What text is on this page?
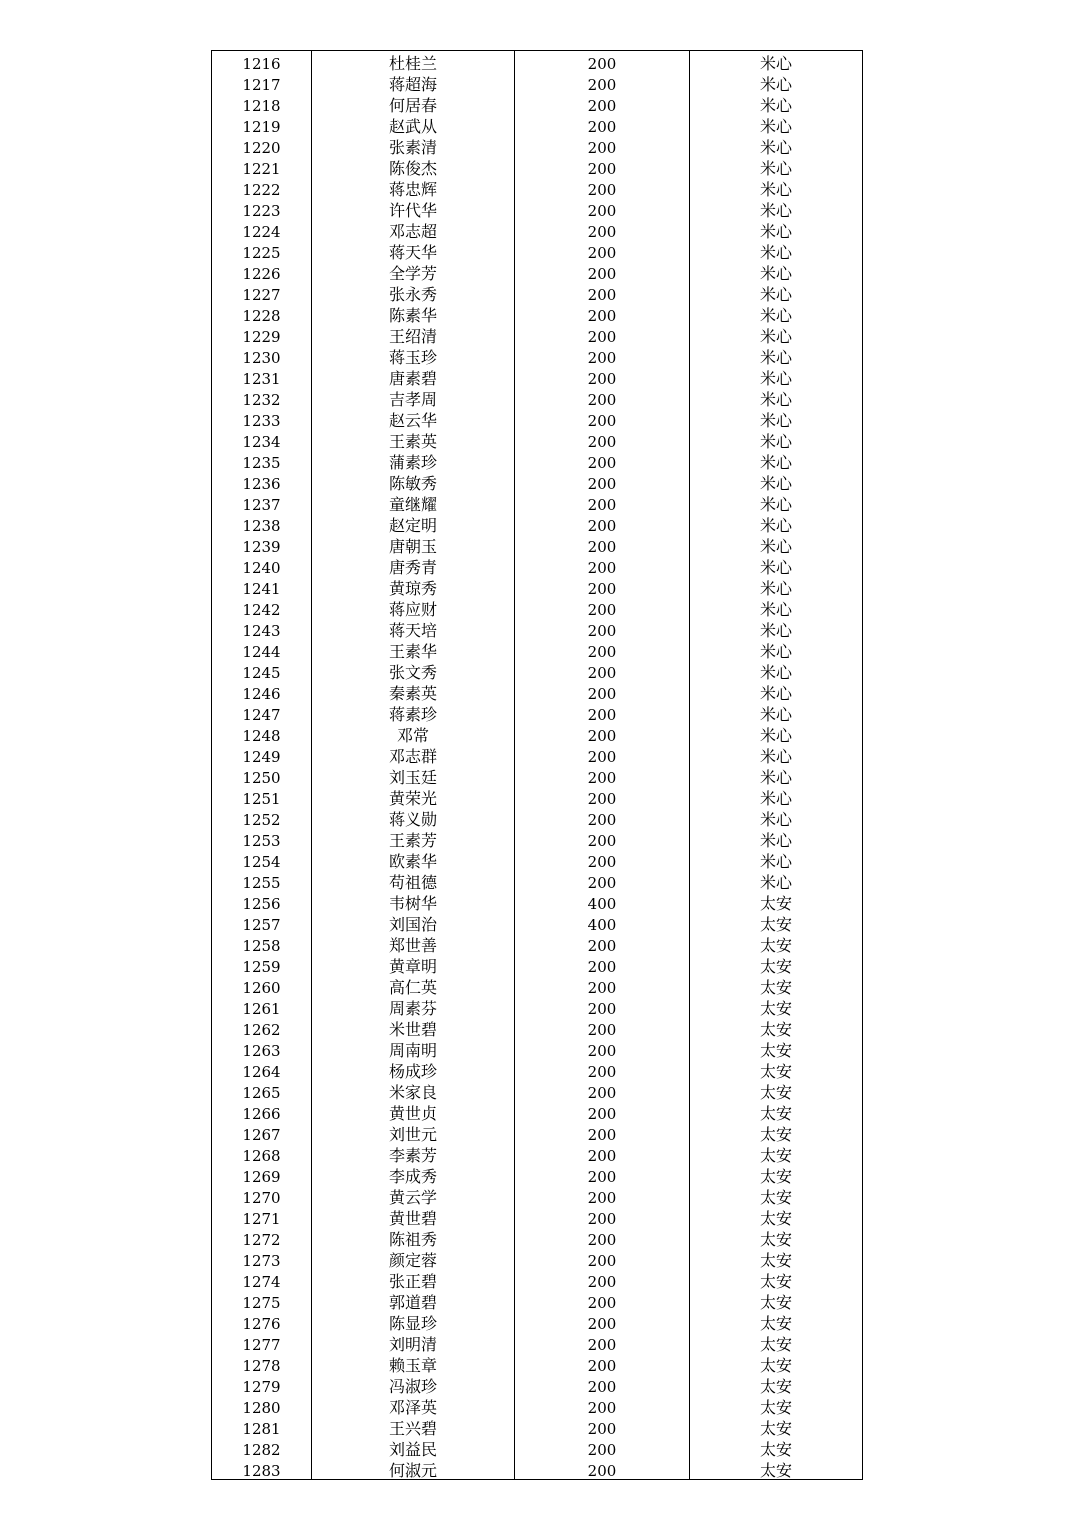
1216	杜桂兰	200	米心
1217	蒋超海	200	米心
1218	何居春	200	米心
1219	赵武从	200	米心
1220	张素清	200	米心
1221	陈俊杰	200	米心
1222	蒋忠辉	200	米心
1223	许代华	200	米心
1224	邓志超	200	米心
1225	蒋天华	200	米心
1226	全学芳	200	米心
1227	张永秀	200	米心
1228	陈素华	200	米心
1229	王绍清	200	米心
1230	蒋玉珍	200	米心
1231	唐素碧	200	米心
1232	吉孝周	200	米心
1233	赵云华	200	米心
1234	王素英	200	米心
1235	蒲素珍	200	米心
1236	陈敏秀	200	米心
1237	童继耀	200	米心
1238	赵定明	200	米心
1239	唐朝玉	200	米心
1240	唐秀青	200	米心
1241	黄琼秀	200	米心
1242	蒋应财	200	米心
1243	蒋天培	200	米心
1244	王素华	200	米心
1245	张文秀	200	米心
1246	秦素英	200	米心
1247	蒋素珍	200	米心
1248	邓常	200	米心
1249	邓志群	200	米心
1250	刘玉廷	200	米心
1251	黄荣光	200	米心
1252	蒋义勋	200	米心
1253	王素芳	200	米心
1254	欧素华	200	米心
1255	苟祖德	200	米心
1256	韦树华	400	太安
1257	刘国治	400	太安
1258	郑世善	200	太安
1259	黄章明	200	太安
1260	高仁英	200	太安
1261	周素芬	200	太安
1262	米世碧	200	太安
1263	周南明	200	太安
1264	杨成珍	200	太安
1265	米家良	200	太安
1266	黄世贞	200	太安
1267	刘世元	200	太安
1268	李素芳	200	太安
1269	李成秀	200	太安
1270	黄云学	200	太安
1271	黄世碧	200	太安
1272	陈祖秀	200	太安
1273	颜定蓉	200	太安
1274	张正碧	200	太安
1275	郭道碧	200	太安
1276	陈显珍	200	太安
1277	刘明清	200	太安
1278	赖玉章	200	太安
1279	冯淑珍	200	太安
1280	邓泽英	200	太安
1281	王兴碧	200	太安
1282	刘益民	200	太安
1283	何淑元	200	太安
